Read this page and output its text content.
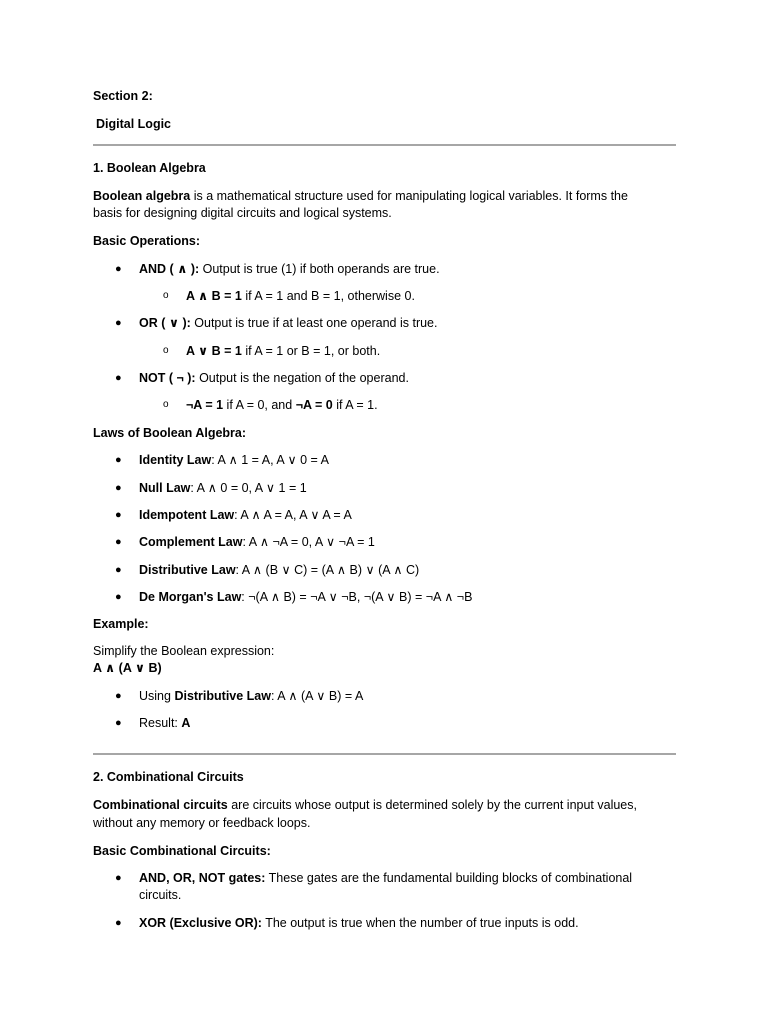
Section 2:
Digital Logic
1. Boolean Algebra
Boolean algebra is a mathematical structure used for manipulating logical variables. It forms the
basis for designing digital circuits and logical systems.
Basic Operations:
●	AND ( ∧ ): Output is true (1) if both operands are true.
o	A ∧ B = 1 if A = 1 and B = 1, otherwise 0.
●	OR ( ∨ ): Output is true if at least one operand is true.
o	A ∨ B = 1 if A = 1 or B = 1, or both.
●	NOT ( ¬ ): Output is the negation of the operand.
o	¬A = 1 if A = 0, and ¬A = 0 if A = 1.
Laws of Boolean Algebra:
●	Identity Law: A ∧ 1 = A, A ∨ 0 = A
●	Null Law: A ∧ 0 = 0, A ∨ 1 = 1
●	Idempotent Law: A ∧ A = A, A ∨ A = A
●	Complement Law: A ∧ ¬A = 0, A ∨ ¬A = 1
●	Distributive Law: A ∧ (B ∨ C) = (A ∧ B) ∨ (A ∧ C)
●	De Morgan's Law: ¬(A ∧ B) = ¬A ∨ ¬B, ¬(A ∨ B) = ¬A ∧ ¬B
Example:
Simplify the Boolean expression:
A ∧ (A ∨ B)
●	Using Distributive Law: A ∧ (A ∨ B) = A
●	Result: A
2. Combinational Circuits
Combinational circuits are circuits whose output is determined solely by the current input values,
without any memory or feedback loops.
Basic Combinational Circuits:
●	AND, OR, NOT gates: These gates are the fundamental building blocks of combinational
circuits.
●	XOR (Exclusive OR): The output is true when the number of true inputs is odd.
